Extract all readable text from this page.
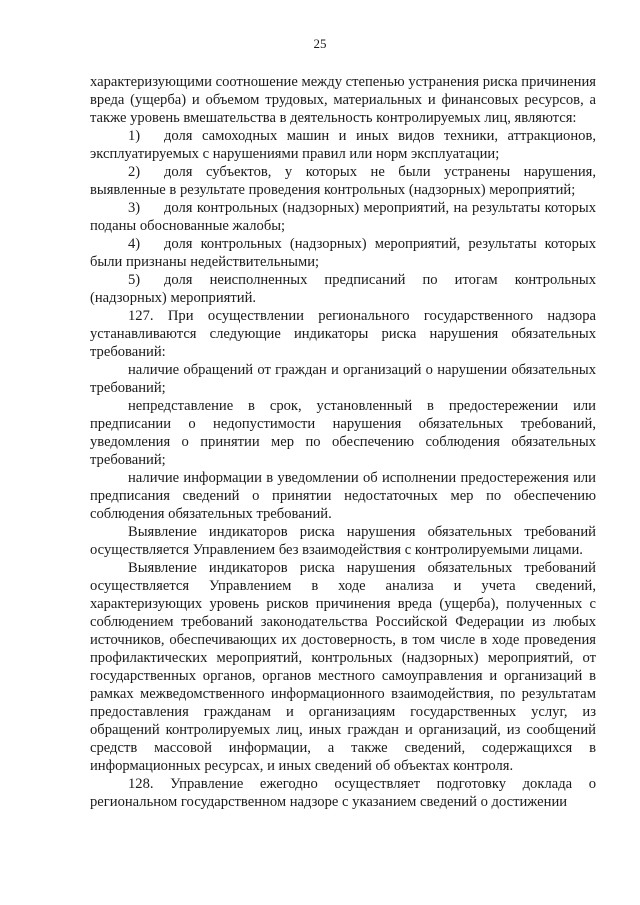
25

характеризующими соотношение между степенью устранения риска причинения вреда (ущерба) и объемом трудовых, материальных и финансовых ресурсов, а также уровень вмешательства в деятельность контролируемых лиц, являются:

1) доля самоходных машин и иных видов техники, аттракционов, эксплуатируемых с нарушениями правил или норм эксплуатации;

2) доля субъектов, у которых не были устранены нарушения, выявленные в результате проведения контрольных (надзорных) мероприятий;

3) доля контрольных (надзорных) мероприятий, на результаты которых поданы обоснованные жалобы;

4) доля контрольных (надзорных) мероприятий, результаты которых были признаны недействительными;

5) доля неисполненных предписаний по итогам контрольных (надзорных) мероприятий.

127. При осуществлении регионального государственного надзора устанавливаются следующие индикаторы риска нарушения обязательных требований:

наличие обращений от граждан и организаций о нарушении обязательных требований;

непредставление в срок, установленный в предостережении или предписании о недопустимости нарушения обязательных требований, уведомления о принятии мер по обеспечению соблюдения обязательных требований;

наличие информации в уведомлении об исполнении предостережения или предписания сведений о принятии недостаточных мер по обеспечению соблюдения обязательных требований.

Выявление индикаторов риска нарушения обязательных требований осуществляется Управлением без взаимодействия с контролируемыми лицами.

Выявление индикаторов риска нарушения обязательных требований осуществляется Управлением в ходе анализа и учета сведений, характеризующих уровень рисков причинения вреда (ущерба), полученных с соблюдением требований законодательства Российской Федерации из любых источников, обеспечивающих их достоверность, в том числе в ходе проведения профилактических мероприятий, контрольных (надзорных) мероприятий, от государственных органов, органов местного самоуправления и организаций в рамках межведомственного информационного взаимодействия, по результатам предоставления гражданам и организациям государственных услуг, из обращений контролируемых лиц, иных граждан и организаций, из сообщений средств массовой информации, а также сведений, содержащихся в информационных ресурсах, и иных сведений об объектах контроля.

128. Управление ежегодно осуществляет подготовку доклада о региональном государственном надзоре с указанием сведений о достижении
